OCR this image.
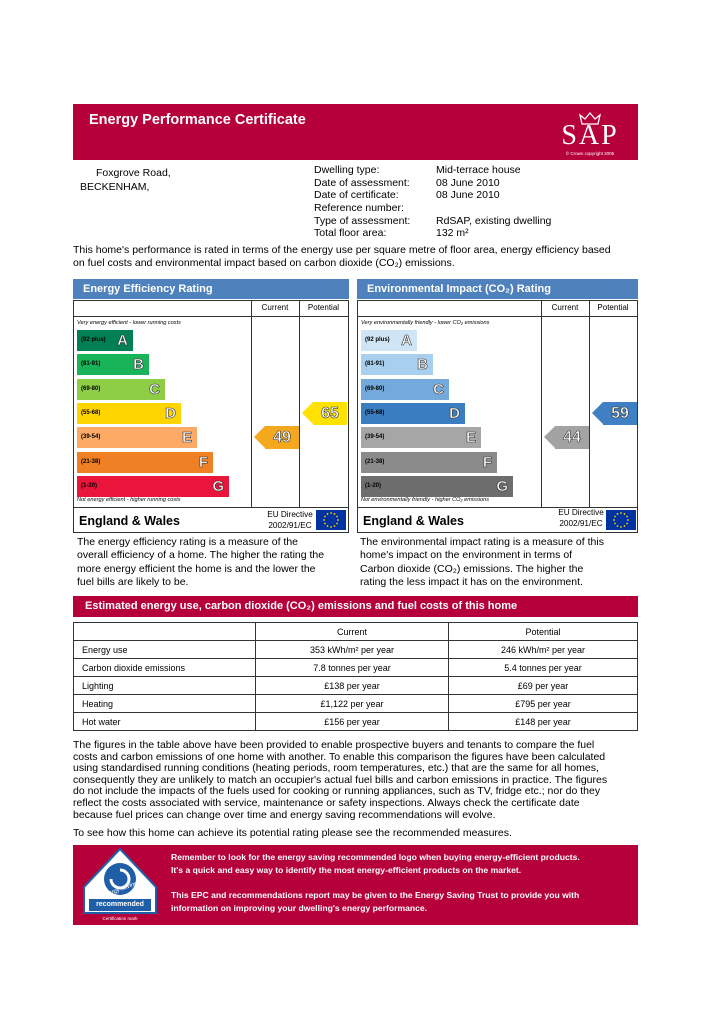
Energy Performance Certificate	SAP
© Crown copyright 2005
Foxgrove Road,
BECKENHAM,
Dwelling type:	Mid-terrace house
Date of assessment:	08 June 2010
Date of certificate:	08 June 2010
Reference number:
Type of assessment: RdSAP, existing dwelling
Total floor area:	132 m²
This home's performance is rated in terms of the energy use per square metre of floor area, energy efficiency based
on fuel costs and environmental impact based on carbon dioxide (CO₂) emissions.
Energy Efficiency Rating
Current	Potential
Very energy efficient - lower running costs
Not energy efficient - higher running costs
(92 plus) A
(81-91) B
(69-80)	C
(55-68)	D
(39-54)	E
(21-38)	F
(1-20)	G
49
65
England & Wales	EU Directive
2002/91/EC
The energy efficiency rating is a measure of the
overall efficiency of a home. The higher the rating the
more energy efficient the home is and the lower the
fuel bills are likely to be.
Environmental Impact (CO₂) Rating
Current	Potential
Very environmentally friendly - lower CO₂ emissions
Not environmentally friendly - higher CO₂ emissions
(92 plus) A
(81-91) B
(69-80)	C
(55-68)	D
(39-54)	E
(21-38)	F
(1-20)	G
44
59
England & Wales
EU Directive
2002/91/EC
The environmental impact rating is a measure of this
home's impact on the environment in terms of
Carbon dioxide (CO₂) emissions. The higher the
rating the less impact it has on the environment.
Estimated energy use, carbon dioxide (CO₂) emissions and fuel costs of this home
	Current	Potential
Energy use	353 kWh/m² per year	246 kWh/m² per year
Carbon dioxide emissions	7.8 tonnes per year	5.4 tonnes per year
Lighting	£138 per year	£69 per year
Heating	£1,122 per year	£795 per year
Hot water	£156 per year	£148 per year
The figures in the table above have been provided to enable prospective buyers and tenants to compare the fuel
costs and carbon emissions of one home with another. To enable this comparison the figures have been calculated
using standardised running conditions (heating periods, room temperatures, etc.) that are the same for all homes,
consequently they are unlikely to match an occupier's actual fuel bills and carbon emissions in practice. The figures
do not include the impacts of the fuels used for cooking or running appliances, such as TV, fridge etc.; nor do they
reflect the costs associated with service, maintenance or safety inspections. Always check the certificate date
because fuel prices can change over time and energy saving recommendations will evolve.
To see how this home can achieve its potential rating please see the recommended measures.
energy saving
recommended
Certification mark
Remember to look for the energy saving recommended logo when buying energy-efficient products.
It's a quick and easy way to identify the most energy-efficient products on the market.
This EPC and recommendations report may be given to the Energy Saving Trust to provide you with
information on improving your dwelling's energy performance.
